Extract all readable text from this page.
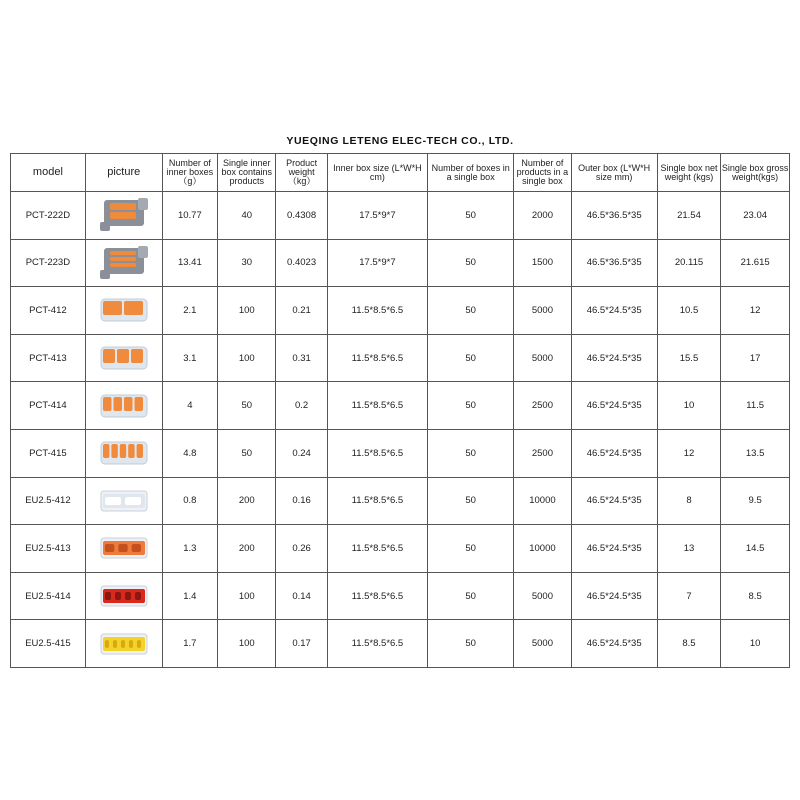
YUEQING LETENG ELEC-TECH CO., LTD.
model	picture	Number of inner boxes（g）	Single inner box contains products	Product weight （kg）	Inner box size (L*W*H cm)	Number of boxes in a single box	Number of products in a single box	Outer box (L*W*H size mm)	Single box net weight (kgs)	Single box gross weight(kgs)
PCT-222D		10.77	40	0.4308	17.5*9*7	50	2000	46.5*36.5*35	21.54	23.04
PCT-223D		13.41	30	0.4023	17.5*9*7	50	1500	46.5*36.5*35	20.115	21.615
PCT-412		2.1	100	0.21	11.5*8.5*6.5	50	5000	46.5*24.5*35	10.5	12
PCT-413		3.1	100	0.31	11.5*8.5*6.5	50	5000	46.5*24.5*35	15.5	17
PCT-414		4	50	0.2	11.5*8.5*6.5	50	2500	46.5*24.5*35	10	11.5
PCT-415		4.8	50	0.24	11.5*8.5*6.5	50	2500	46.5*24.5*35	12	13.5
EU2.5-412		0.8	200	0.16	11.5*8.5*6.5	50	10000	46.5*24.5*35	8	9.5
EU2.5-413		1.3	200	0.26	11.5*8.5*6.5	50	10000	46.5*24.5*35	13	14.5
EU2.5-414		1.4	100	0.14	11.5*8.5*6.5	50	5000	46.5*24.5*35	7	8.5
EU2.5-415		1.7	100	0.17	11.5*8.5*6.5	50	5000	46.5*24.5*35	8.5	10
